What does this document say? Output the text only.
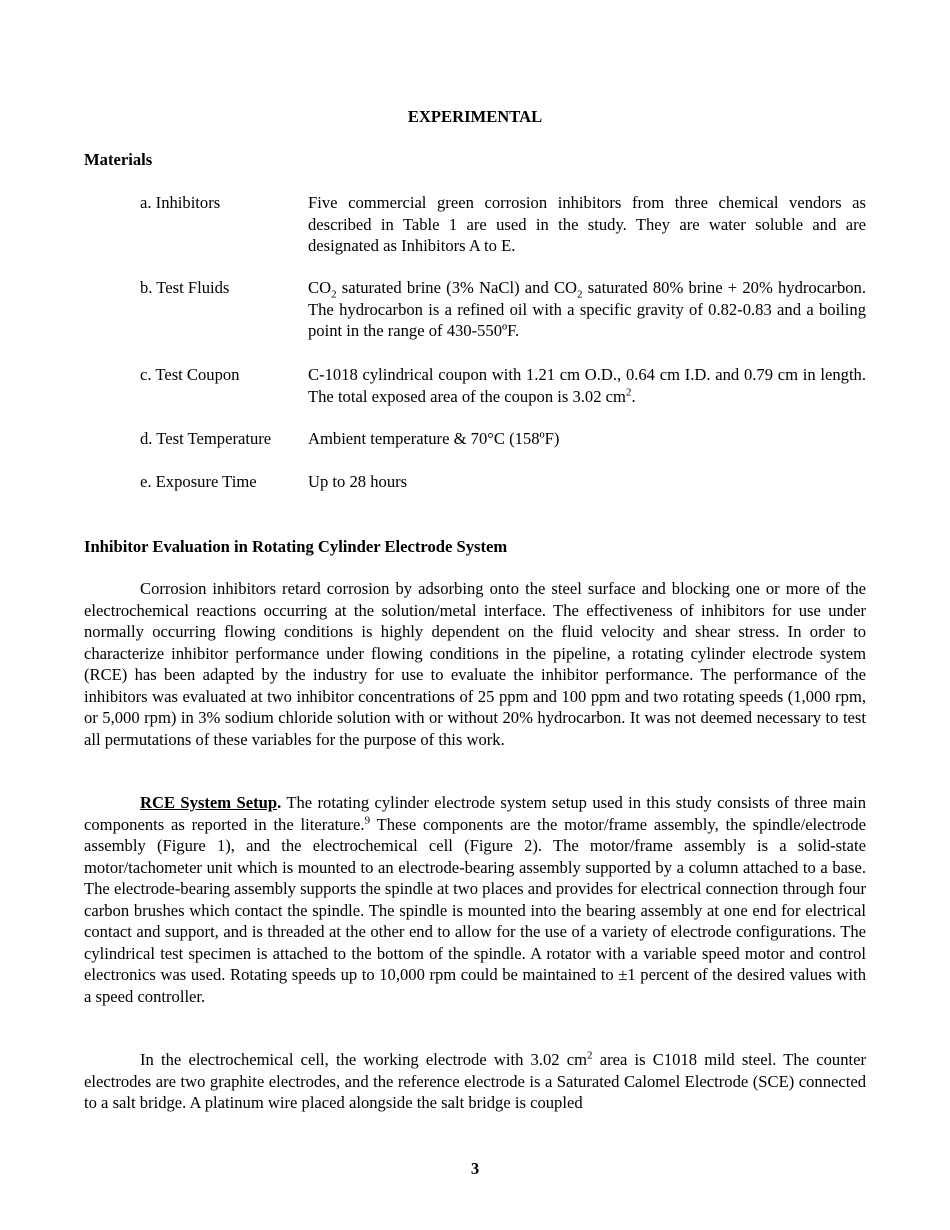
EXPERIMENTAL
Materials
a. Inhibitors	Five commercial green corrosion inhibitors from three chemical vendors as described in Table 1 are used in the study. They are water soluble and are designated as Inhibitors A to E.
b. Test Fluids	$CO_2$ saturated brine (3% NaCl) and $CO_2$ saturated 80% brine + 20% hydrocarbon. The hydrocarbon is a refined oil with a specific gravity of 0.82-0.83 and a boiling point in the range of 430-550ºF.
c. Test Coupon	C-1018 cylindrical coupon with 1.21 cm O.D., 0.64 cm I.D. and 0.79 cm in length. The total exposed area of the coupon is 3.02 $cm^2$.
d. Test Temperature	Ambient temperature & 70°C (158ºF)
e. Exposure Time	Up to 28 hours
Inhibitor Evaluation in Rotating Cylinder Electrode System
Corrosion inhibitors retard corrosion by adsorbing onto the steel surface and blocking one or more of the electrochemical reactions occurring at the solution/metal interface. The effectiveness of inhibitors for use under normally occurring flowing conditions is highly dependent on the fluid velocity and shear stress. In order to characterize inhibitor performance under flowing conditions in the pipeline, a rotating cylinder electrode system (RCE) has been adapted by the industry for use to evaluate the inhibitor performance. The performance of the inhibitors was evaluated at two inhibitor concentrations of 25 ppm and 100 ppm and two rotating speeds (1,000 rpm, or 5,000 rpm) in 3% sodium chloride solution with or without 20% hydrocarbon. It was not deemed necessary to test all permutations of these variables for the purpose of this work.
RCE System Setup. The rotating cylinder electrode system setup used in this study consists of three main components as reported in the literature.$^9$ These components are the motor/frame assembly, the spindle/electrode assembly (Figure 1), and the electrochemical cell (Figure 2). The motor/frame assembly is a solid-state motor/tachometer unit which is mounted to an electrode-bearing assembly supported by a column attached to a base. The electrode-bearing assembly supports the spindle at two places and provides for electrical connection through four carbon brushes which contact the spindle. The spindle is mounted into the bearing assembly at one end for electrical contact and support, and is threaded at the other end to allow for the use of a variety of electrode configurations. The cylindrical test specimen is attached to the bottom of the spindle. A rotator with a variable speed motor and control electronics was used. Rotating speeds up to 10,000 rpm could be maintained to ±1 percent of the desired values with a speed controller.
In the electrochemical cell, the working electrode with 3.02 $cm^2$ area is C1018 mild steel. The counter electrodes are two graphite electrodes, and the reference electrode is a Saturated Calomel Electrode (SCE) connected to a salt bridge. A platinum wire placed alongside the salt bridge is coupled
3
